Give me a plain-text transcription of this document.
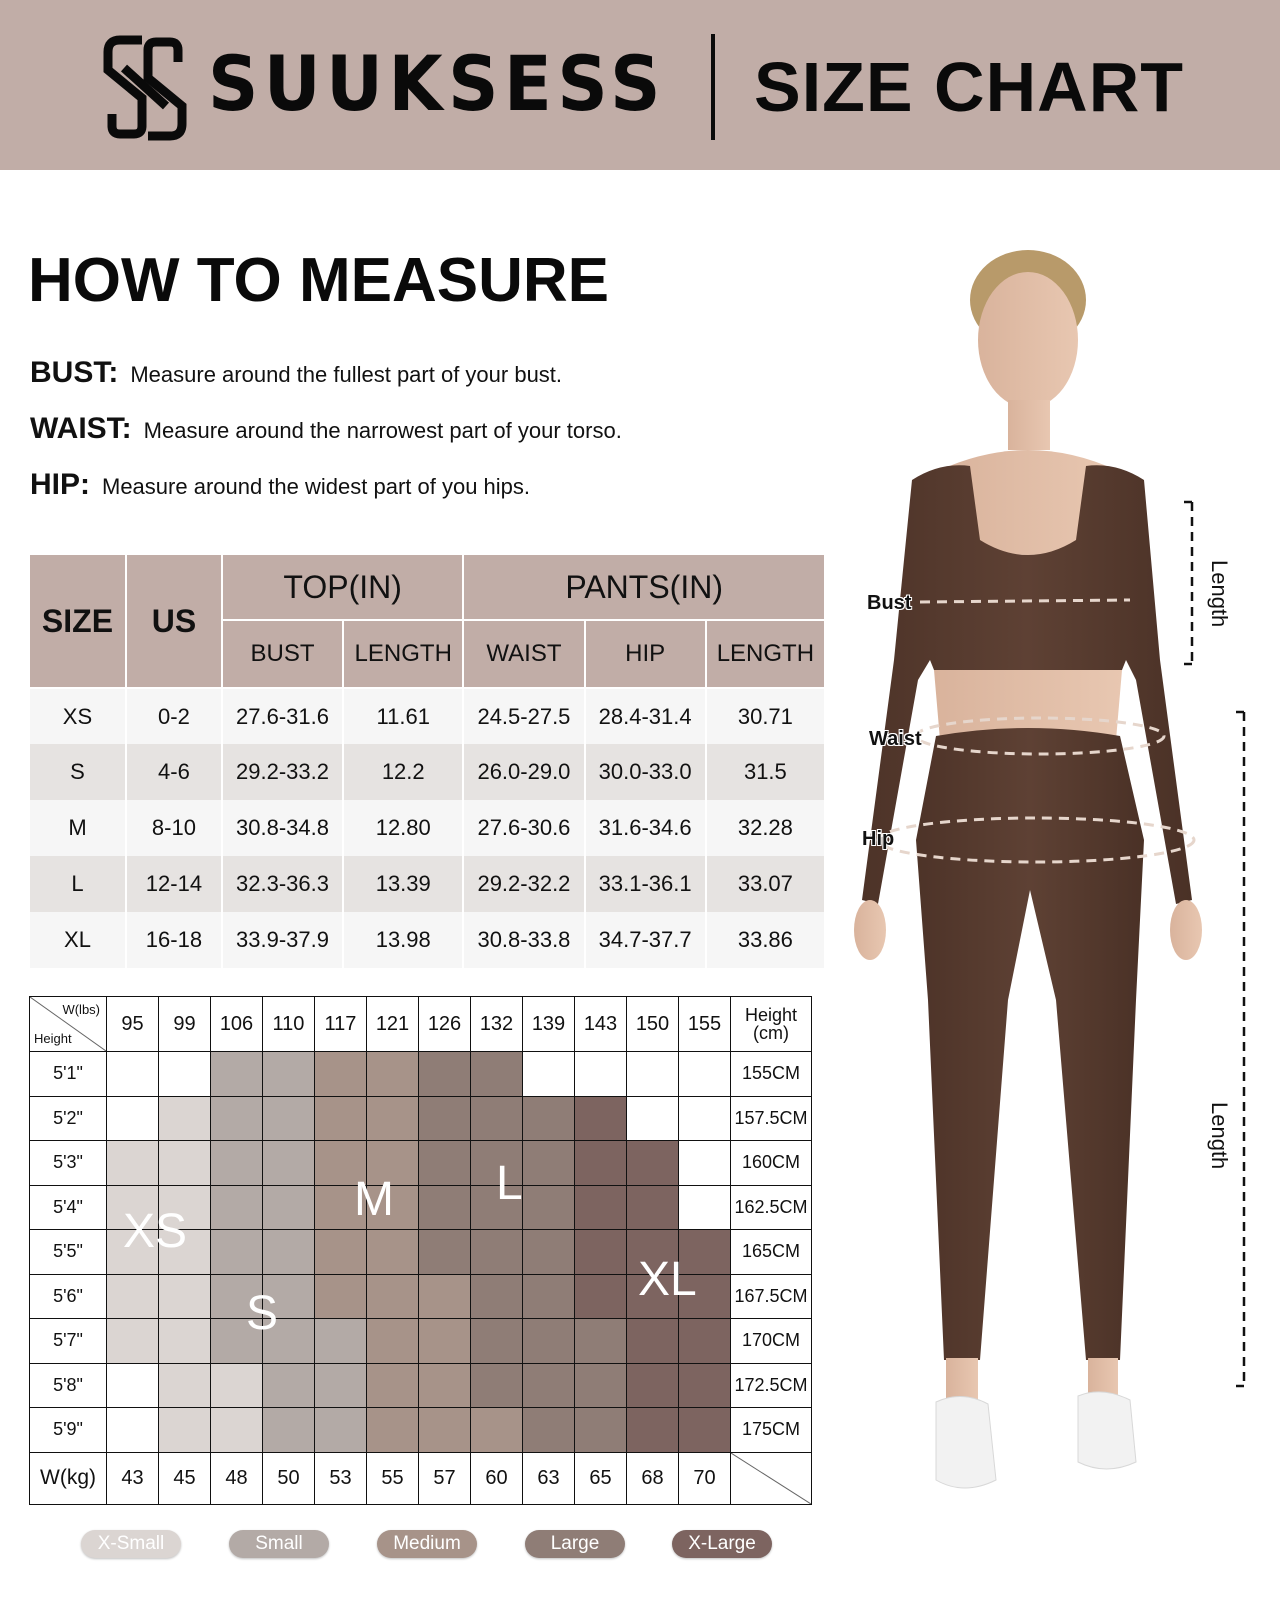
SUUKSESS SIZE CHART
HOW TO MEASURE
BUST: Measure around the fullest part of your bust.
WAIST: Measure around the narrowest part of your torso.
HIP: Measure around the widest part of you hips.
SIZE	US	TOP(IN)		PANTS(IN)		
		BUST	LENGTH	WAIST	HIP	LENGTH
XS	0-2	27.6-31.6	11.61	24.5-27.5	28.4-31.4	30.71
S	4-6	29.2-33.2	12.2	26.0-29.0	30.0-33.0	31.5
M	8-10	30.8-34.8	12.80	27.6-30.6	31.6-34.6	32.28
L	12-14	32.3-36.3	13.39	29.2-32.2	33.1-36.1	33.07
XL	16-18	33.9-37.9	13.98	30.8-33.8	34.7-37.7	33.86
W(lbs)
Height
	95	99	106	110	117	121	126	132	139	143	150	155	Height
(cm)

5'1"													155CM
5'2"													157.5CM
5'3"													160CM
5'4"													162.5CM
5'5"													165CM
5'6"													167.5CM
5'7"													170CM
5'8"													172.5CM
5'9"													175CM
W(kg)	43	45	48	50	53	55	57	60	63	65	68	70	
XS
S
M L
XL
X-Small	Small	Medium	Large	X-Large
Bust
Waist
Hip
Length
Length
